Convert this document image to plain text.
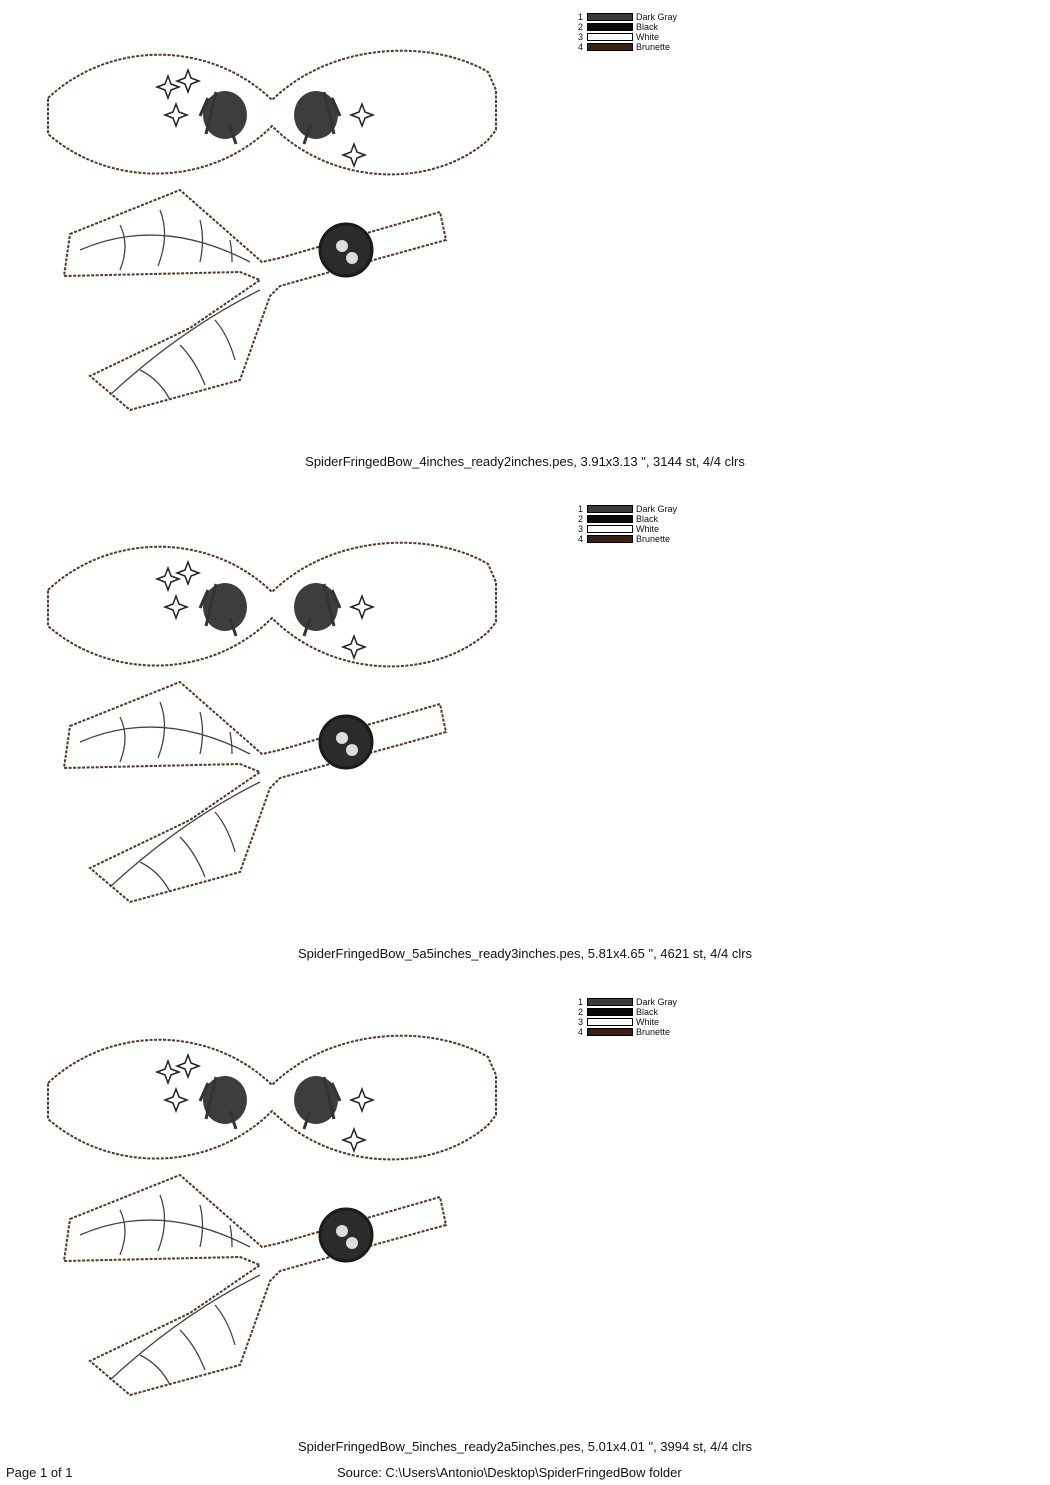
1	Dark Gray
2	Black
3	White
4	Brunette
SpiderFringedBow_4inches_ready2inches.pes, 3.91x3.13 ", 3144 st, 4/4 clrs
1	Dark Gray
2	Black
3	White
4	Brunette
SpiderFringedBow_5a5inches_ready3inches.pes, 5.81x4.65 ", 4621 st, 4/4 clrs
1	Dark Gray
2	Black
3	White
4	Brunette
SpiderFringedBow_5inches_ready2a5inches.pes, 5.01x4.01 ", 3994 st, 4/4 clrs
Page 1 of 1	Source: C:\Users\Antonio\Desktop\SpiderFringedBow folder
